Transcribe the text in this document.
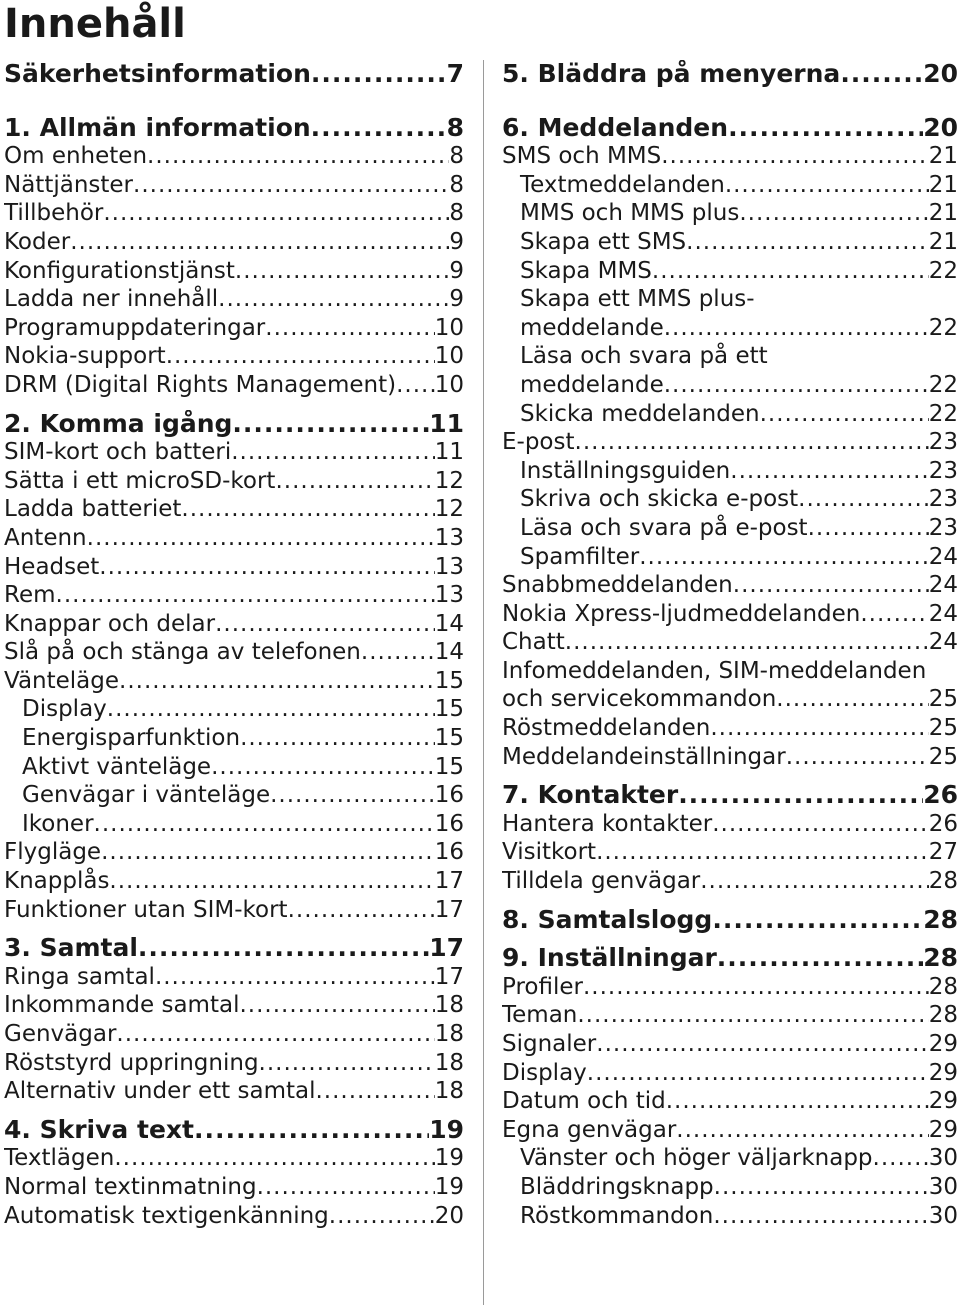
Innehåll
Säkerhetsinformation .....	7
1. Allmän information .....	8
Om enheten .....	8
Nättjänster .....	8
Tillbehör .....	8
Koder .....	9
Konfigurationstjänst .....	9
Ladda ner innehåll .....	9
Programuppdateringar .....	10
Nokia-support .....	10
DRM (Digital Rights Management) ..... 10
2. Komma igång .....	11
SIM-kort och batteri .....	11
Sätta i ett microSD-kort .....	12
Ladda batteriet .....	12
Antenn .....	13
Headset .....	13
Rem .....	13
Knappar och delar .....	14
Slå på och stänga av telefonen .....	14
Vänteläge .....	15
Display .....	15
Energisparfunktion .....	15
Aktivt vänteläge .....	15
Genvägar i vänteläge .....	16
Ikoner .....	16
Flygläge .....	16
Knapplås .....	17
Funktioner utan SIM-kort .....	17
3. Samtal .....	17
Ringa samtal .....	17
Inkommande samtal .....	18
Genvägar .....	18
Röststyrd uppringning .....	18
Alternativ under ett samtal .....	18
4. Skriva text .....	19
Textlägen .....	19
Normal textinmatning .....	19
Automatisk textigenkänning .....	20
5. Bläddra på menyerna .....	20
6. Meddelanden .....	20
SMS och MMS .....	21
Textmeddelanden .....	21
MMS och MMS plus .....	21
Skapa ett SMS .....	21
Skapa MMS .....	22
Skapa ett MMS plus-
meddelande .....	22
Läsa och svara på ett
meddelande .....	22
Skicka meddelanden .....	22
E-post .....	23
Inställningsguiden .....	23
Skriva och skicka e-post .....	23
Läsa och svara på e-post .....	23
Spamfilter .....	24
Snabbmeddelanden .....	24
Nokia Xpress-ljudmeddelanden .....	24
Chatt .....	24
Infomeddelanden, SIM-meddelanden
och servicekommandon .....	25
Röstmeddelanden .....	25
Meddelandeinställningar .....	25
7. Kontakter .....	26
Hantera kontakter .....	26
Visitkort .....	27
Tilldela genvägar .....	28
8. Samtalslogg .....	28
9. Inställningar .....	28
Profiler .....	28
Teman .....	28
Signaler .....	29
Display .....	29
Datum och tid .....	29
Egna genvägar .....	29
Vänster och höger väljarknapp ..... 30
Bläddringsknapp .....	30
Röstkommandon .....	30
